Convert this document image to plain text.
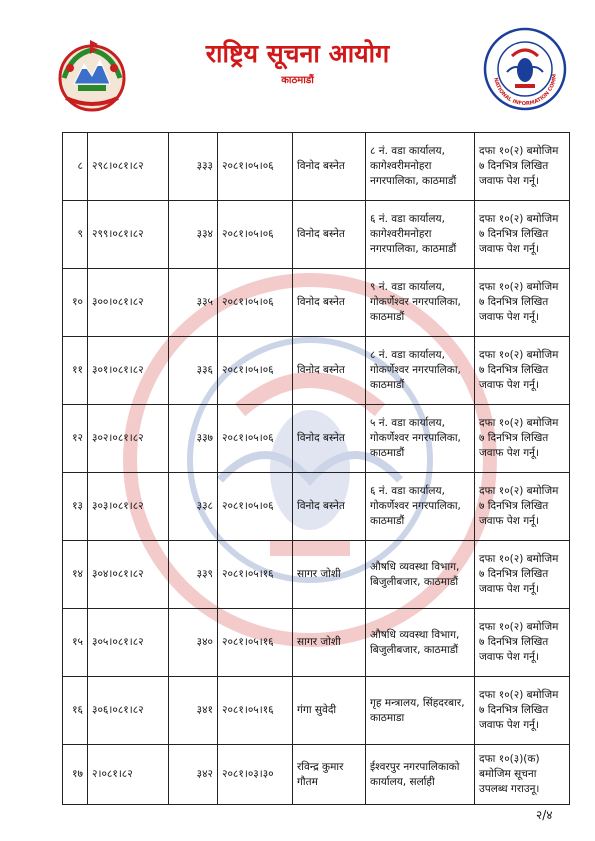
राष्ट्रिय सूचना आयोग
काठमाडौं	NATIONAL INFORMATION COMM
८	२९८।०८१।८२	३३३	२०८१।०५।०६	विनोद बस्नेत	८ नं. वडा कार्यालय, कागेश्वरीमनोहरा नगरपालिका, काठमाडौं	दफा १०(२) बमोजिम ७ दिनभित्र लिखित जवाफ पेश गर्नू।
९	२९९।०८१।८२	३३४	२०८१।०५।०६	विनोद बस्नेत	६ नं. वडा कार्यालय, कागेश्वरीमनोहरा नगरपालिका, काठमाडौं	दफा १०(२) बमोजिम ७ दिनभित्र लिखित जवाफ पेश गर्नू।
१०	३००।०८१।८२	३३५	२०८१।०५।०६	विनोद बस्नेत	९ नं. वडा कार्यालय, गोकर्णेश्वर नगरपालिका, काठमाडौं	दफा १०(२) बमोजिम ७ दिनभित्र लिखित जवाफ पेश गर्नू।
११	३०१।०८१।८२	३३६	२०८१।०५।०६	विनोद बस्नेत	८ नं. वडा कार्यालय, गोकर्णेश्वर नगरपालिका, काठमाडौं	दफा १०(२) बमोजिम ७ दिनभित्र लिखित जवाफ पेश गर्नू।
१२	३०२।०८१।८२	३३७	२०८१।०५।०६	विनोद बस्नेत	५ नं. वडा कार्यालय, गोकर्णेश्वर नगरपालिका, काठमाडौं	दफा १०(२) बमोजिम ७ दिनभित्र लिखित जवाफ पेश गर्नू।
१३	३०३।०८१।८२	३३८	२०८१।०५।०६	विनोद बस्नेत	६ नं. वडा कार्यालय, गोकर्णेश्वर नगरपालिका, काठमाडौं	दफा १०(२) बमोजिम ७ दिनभित्र लिखित जवाफ पेश गर्नू।
१४	३०४।०८१।८२	३३९	२०८१।०५।१६	सागर जोशी	औषधि व्यवस्था विभाग, बिजुलीबजार, काठमाडौं	दफा १०(२) बमोजिम ७ दिनभित्र लिखित जवाफ पेश गर्नू।
१५	३०५।०८१।८२	३४०	२०८१।०५।१६	सागर जोशी	औषधि व्यवस्था विभाग, बिजुलीबजार, काठमाडौं	दफा १०(२) बमोजिम ७ दिनभित्र लिखित जवाफ पेश गर्नू।
१६	३०६।०८१।८२	३४१	२०८१।०५।१६	गंगा सुवेदी	गृह मन्त्रालय, सिंहदरबार, काठमाडा	दफा १०(२) बमोजिम ७ दिनभित्र लिखित जवाफ पेश गर्नू।
१७	२।०८१।८२	३४२	२०८१।०३।३०	रविन्द्र कुमार गौतम	ईश्वरपुर नगरपालिकाको कार्यालय, सर्लाही	दफा १०(३)(क) बमोजिम सूचना उपलब्ध गराउनू।
२/४
